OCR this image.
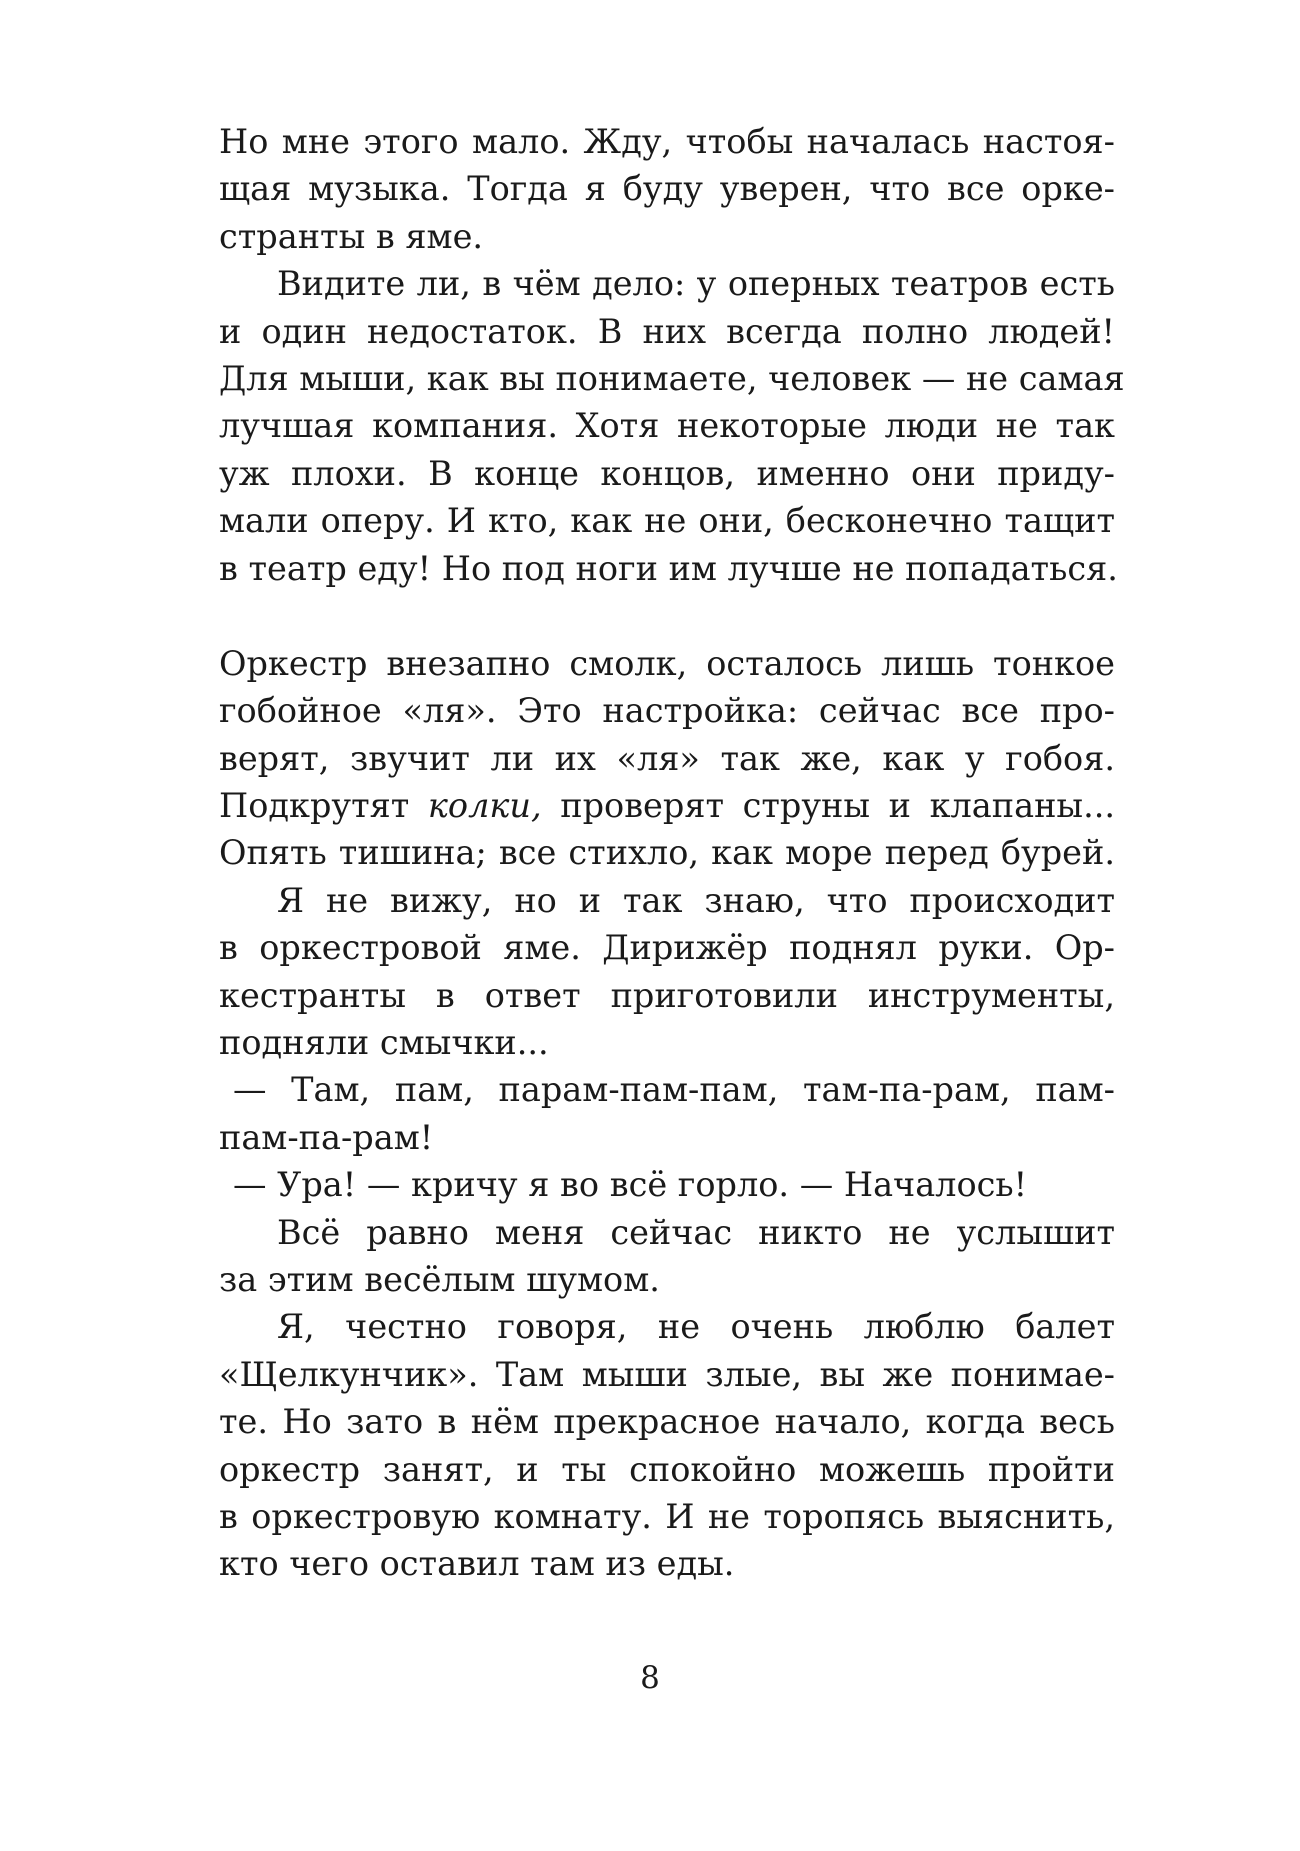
Но мне этого мало. Жду, чтобы началась настоя-
щая музыка. Тогда я буду уверен, что все орке-
странты в яме.
Видите ли, в чём дело: у оперных театров есть
и один недостаток. В них всегда полно людей!
Для мыши, как вы понимаете, человек — не самая
лучшая компания. Хотя некоторые люди не так
уж плохи. В конце концов, именно они приду-
мали оперу. И кто, как не они, бесконечно тащит
в театр еду! Но под ноги им лучше не попадаться.
Оркестр внезапно смолк, осталось лишь тонкое
гобойное «ля». Это настройка: сейчас все про-
верят, звучит ли их «ля» так же, как у гобоя.
Подкрутят колки, проверят струны и клапаны...
Опять тишина; все стихло, как море перед бурей.
Я не вижу, но и так знаю, что происходит
в оркестровой яме. Дирижёр поднял руки. Ор-
кестранты в ответ приготовили инструменты,
подняли смычки...
— Там, пам, парам-пам-пам, там-па-рам, пам-
пам-па-рам!
— Ура! — кричу я во всё горло. — Началось!
Всё равно меня сейчас никто не услышит
за этим весёлым шумом.
Я, честно говоря, не очень люблю балет
«Щелкунчик». Там мыши злые, вы же понимае-
те. Но зато в нём прекрасное начало, когда весь
оркестр занят, и ты спокойно можешь пройти
в оркестровую комнату. И не торопясь выяснить,
кто чего оставил там из еды.
8
